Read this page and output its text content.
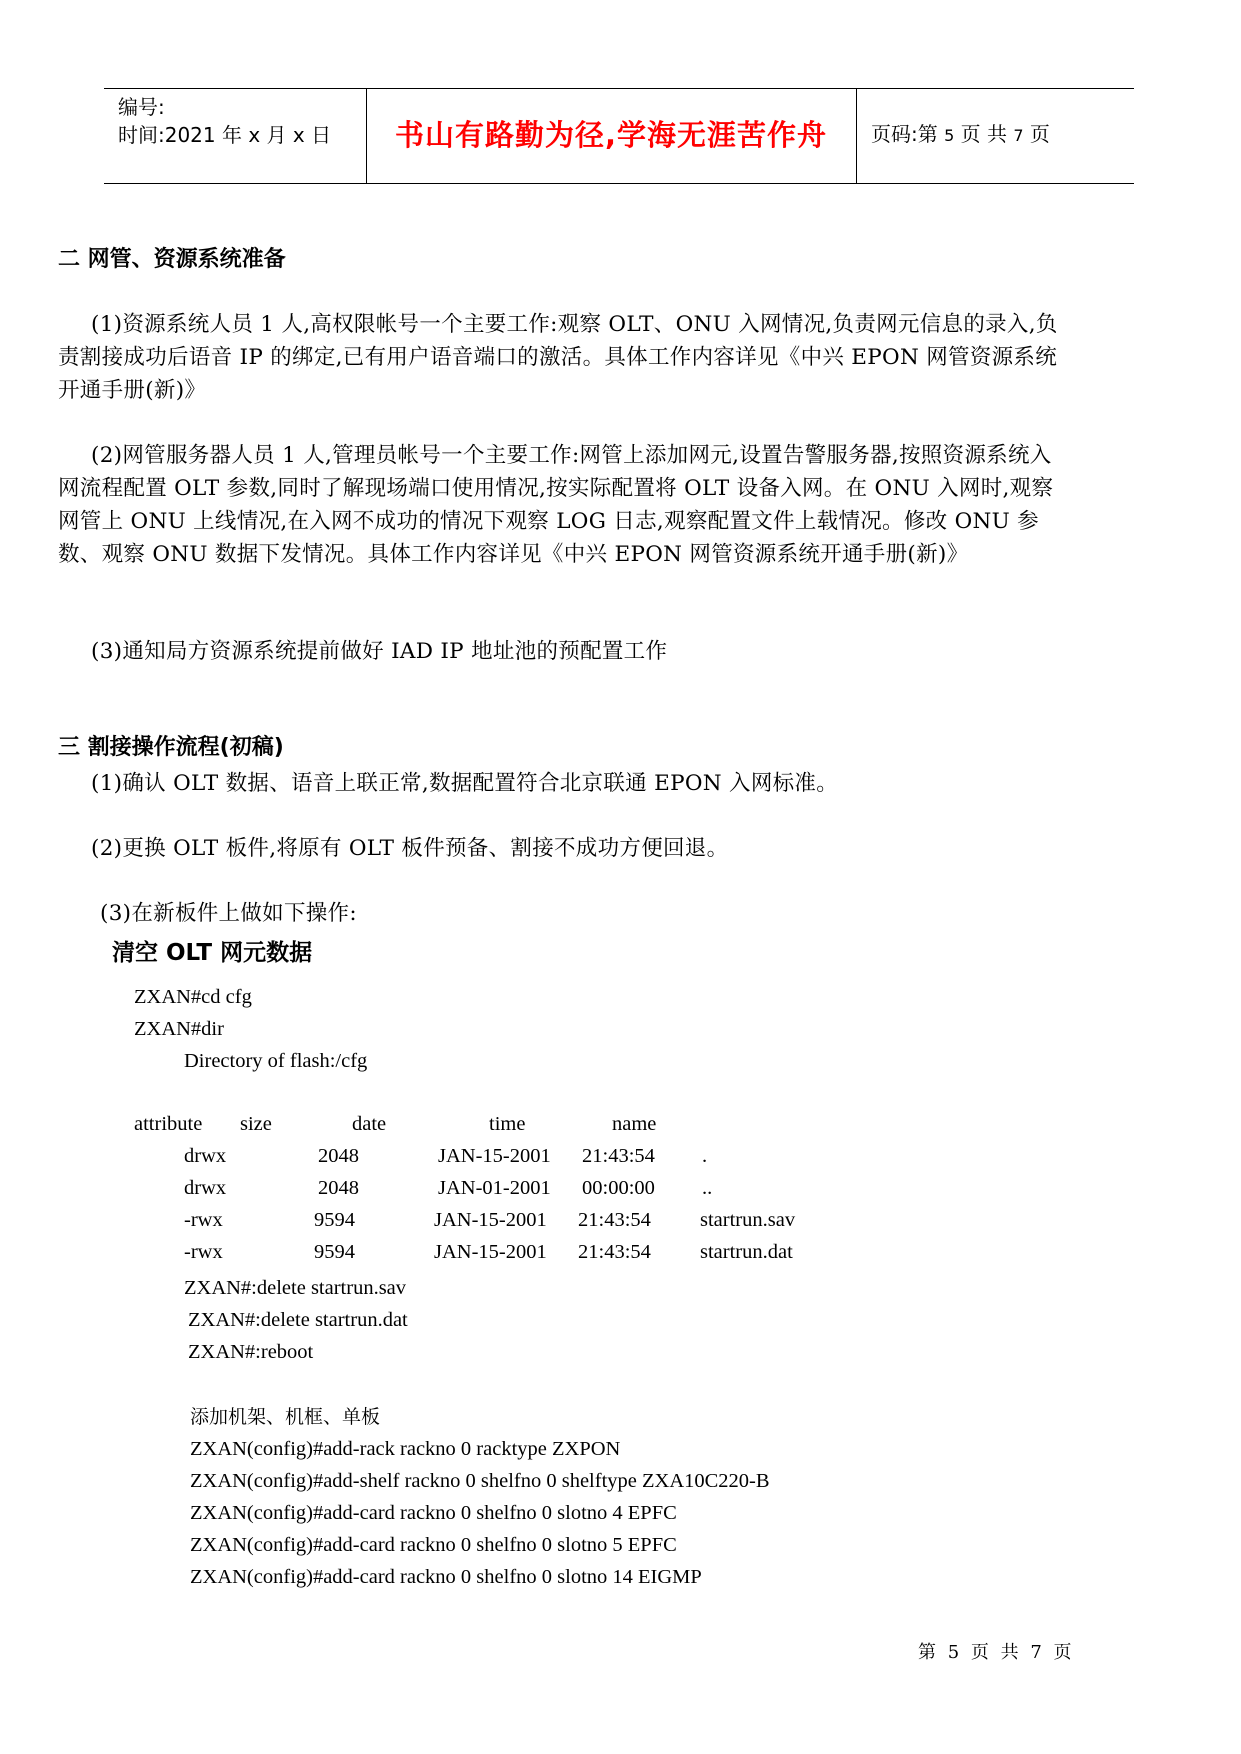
编号:
时间:2021 年 x 月 x 日	书山有路勤为径,学海无涯苦作舟	页码:第 5 页 共 7 页
二 网管、资源系统准备
(1)资源系统人员 1 人,高权限帐号一个主要工作:观察 OLT、ONU 入网情况,负责网元信息的录入,负责割接成功后语音 IP 的绑定,已有用户语音端口的激活。具体工作内容详见《中兴 EPON 网管资源系统开通手册(新)》
(2)网管服务器人员 1 人,管理员帐号一个主要工作:网管上添加网元,设置告警服务器,按照资源系统入网流程配置 OLT 参数,同时了解现场端口使用情况,按实际配置将 OLT 设备入网。在 ONU 入网时,观察网管上 ONU 上线情况,在入网不成功的情况下观察 LOG 日志,观察配置文件上载情况。修改 ONU 参数、观察 ONU 数据下发情况。具体工作内容详见《中兴 EPON 网管资源系统开通手册(新)》
(3)通知局方资源系统提前做好 IAD IP 地址池的预配置工作
三 割接操作流程(初稿)
(1)确认 OLT 数据、语音上联正常,数据配置符合北京联通 EPON 入网标准。
(2)更换 OLT 板件,将原有 OLT 板件预备、割接不成功方便回退。
(3)在新板件上做如下操作:
清空 OLT 网元数据
ZXAN#cd cfg
ZXAN#dir
Directory of flash:/cfg
attribute size	date	time	name
drwx	2048	JAN-15-2001 21:43:54 .
drwx	2048	JAN-01-2001 00:00:00 ..
-rwx	9594	JAN-15-2001 21:43:54 startrun.sav
-rwx	9594	JAN-15-2001 21:43:54 startrun.dat
ZXAN#:delete startrun.sav
ZXAN#:delete startrun.dat
ZXAN#:reboot
添加机架、机框、单板
ZXAN(config)#add-rack rackno 0 racktype ZXPON
ZXAN(config)#add-shelf rackno 0 shelfno 0 shelftype ZXA10C220-B
ZXAN(config)#add-card rackno 0 shelfno 0 slotno 4 EPFC
ZXAN(config)#add-card rackno 0 shelfno 0 slotno 5 EPFC
ZXAN(config)#add-card rackno 0 shelfno 0 slotno 14 EIGMP
第 5 页 共 7 页
